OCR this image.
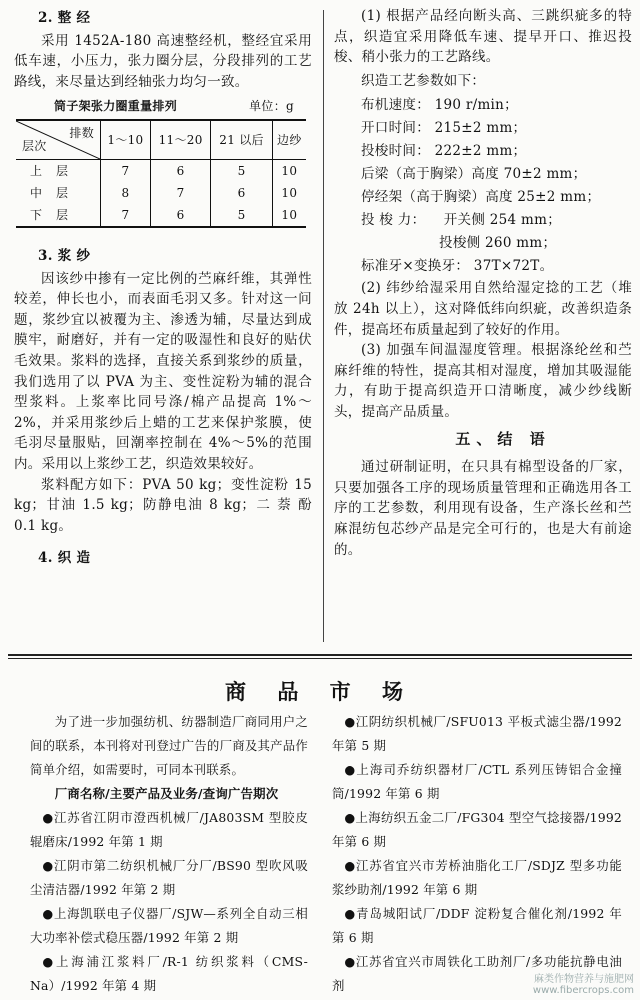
2. 整 经

采用 1452A-180 高速整经机，整经宜采用低车速，小压力，张力圈分层，分段排列的工艺路线，来尽量达到经轴张力均匀一致。

筒子架张力圈重量排列	单位：g
排数
层次	1～10	11～20	21 以后	边纱
上层	7	6	5	10
中层	8	7	6	10
下层	7	6	5	10
3. 浆 纱

因该纱中掺有一定比例的苎麻纤维，其弹性较差，伸长也小，而表面毛羽又多。针对这一问题，浆纱宜以被覆为主、渗透为辅，尽量达到成膜牢，耐磨好，并有一定的吸湿性和良好的贴伏毛效果。浆料的选择，直接关系到浆纱的质量，我们选用了以 PVA 为主、变性淀粉为辅的混合型浆料。上浆率比同号涤/棉产品提高 1%～2%，并采用浆纱后上蜡的工艺来保护浆膜，使毛羽尽量服贴，回潮率控制在 4%～5%的范围内。采用以上浆纱工艺，织造效果较好。

浆料配方如下：PVA 50 kg；变性淀粉 15 kg；甘油 1.5 kg；防静电油 8 kg；二 萘 酚 0.1 kg。

4. 织 造

(1) 根据产品经向断头高、三跳织疵多的特点，织造宜采用降低车速、提早开口、推迟投梭、稍小张力的工艺路线。

织造工艺参数如下：

布机速度： 190 r/min；
开口时间： 215±2 mm；
投梭时间： 222±2 mm；
后梁（高于胸梁）高度 70±2 mm；
停经架（高于胸梁）高度 25±2 mm；
投 梭 力：    开关侧 254 mm；
投梭侧 260 mm；
标准牙×变换牙： 37T×72T。

(2) 纬纱给湿采用自然给湿定捻的工艺（堆放 24h 以上），这对降低纬向织疵，改善织造条件，提高坯布质量起到了较好的作用。

(3) 加强车间温湿度管理。根据涤纶丝和苎麻纤维的特性，提高其相对湿度，增加其吸湿能力，有助于提高织造开口清晰度，减少纱线断头，提高产品质量。

五、结 语

通过研制证明，在只具有棉型设备的厂家，只要加强各工序的现场质量管理和正确选用各工序的工艺参数，利用现有设备，生产涤长丝和苎麻混纺包芯纱产品是完全可行的，也是大有前途的。

商 品 市 场

为了进一步加强纺机、纺器制造厂商同用户之间的联系，本刊将对刊登过广告的厂商及其产品作简单介绍，如需要时，可同本刊联系。

厂商名称/主要产品及业务/查询广告期次

● 江苏省江阴市澄西机械厂/JA803SM 型胶皮辊磨床/1992 年第 1 期

● 江阴市第二纺织机械厂分厂/BS90 型吹风吸尘清洁器/1992 年第 2 期

● 上海凯联电子仪器厂/SJW—系列全自动三相大功率补偿式稳压器/1992 年第 2 期

● 上海浦江浆料厂/R-1 纺织浆料（CMS-Na）/1992 年第 4 期

● 江阴纺织机械厂/SFU013 平板式滤尘器/1992 年第 5 期

● 上海司乔纺织器材厂/CTL 系列压铸铝合金撞筒/1992 年第 6 期

● 上海纺织五金二厂/FG304 型空气捻接器/1992 年第 6 期

● 江苏省宜兴市芳桥油脂化工厂/SDJZ 型多功能浆纱助剂/1992 年第 6 期

● 青岛城阳试厂/DDF 淀粉复合催化剂/1992 年第 6 期

● 江苏省宜兴市周铁化工助剂厂/多功能抗静电油剂	麻类作物营养与施肥网
www.fibercrops.com
